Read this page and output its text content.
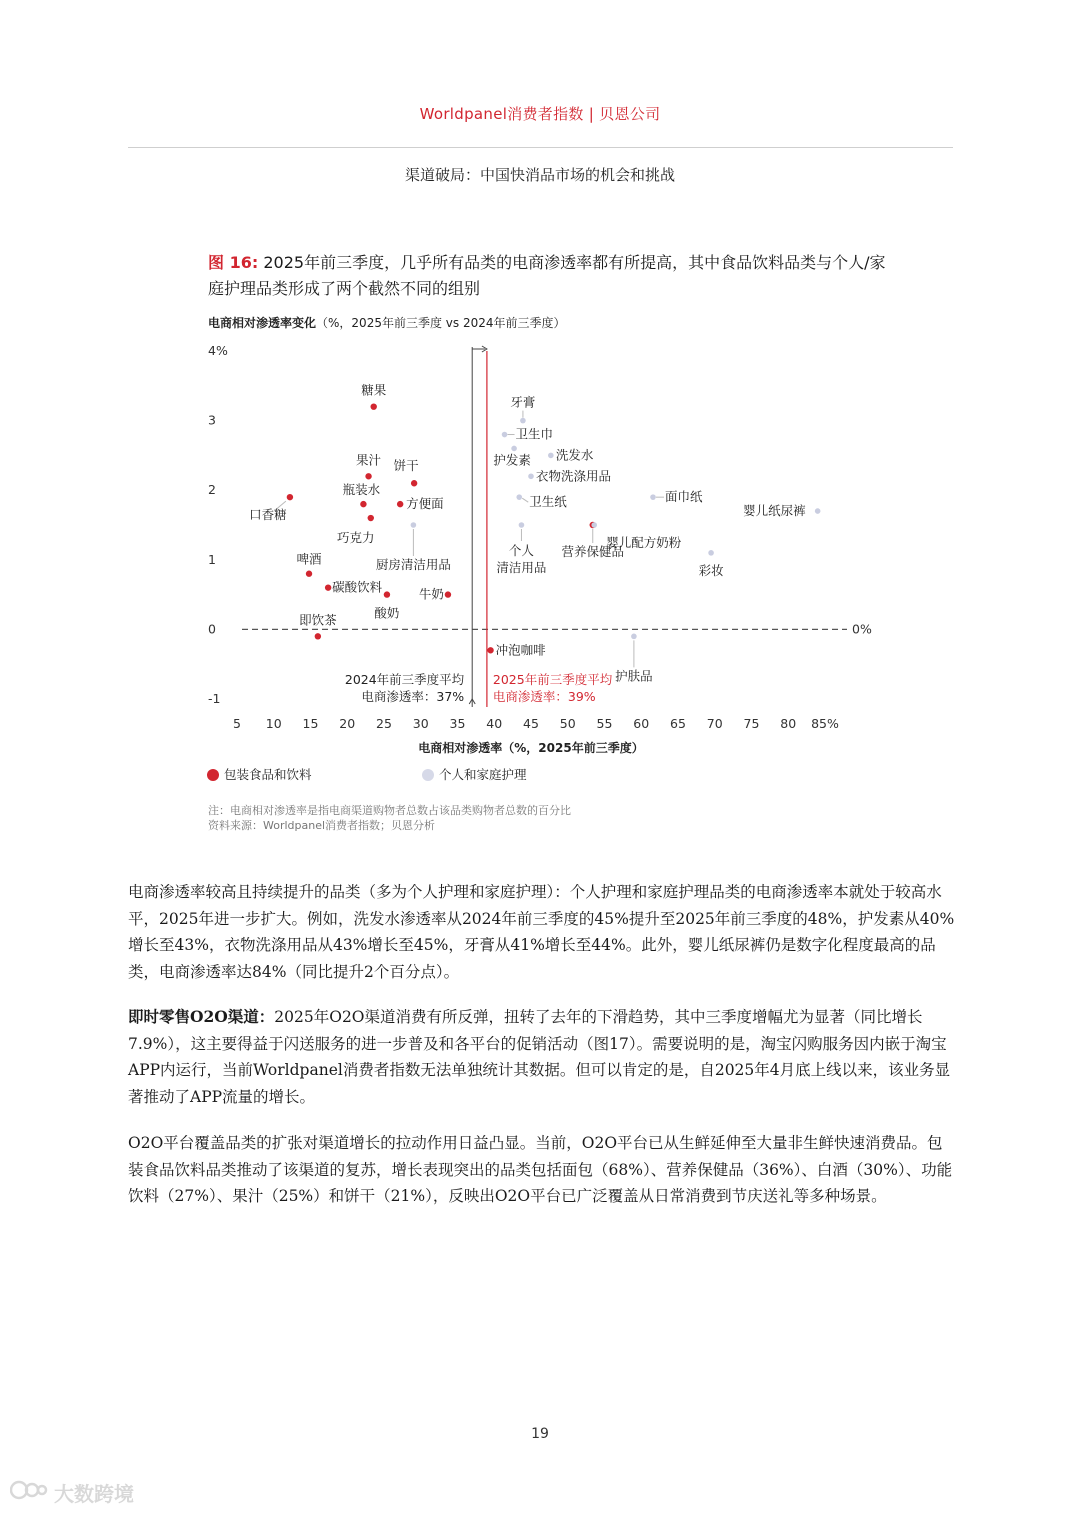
Worldpanel消费者指数 | 贝恩公司
渠道破局：中国快消品市场的机会和挑战
图 16: 2025年前三季度，几乎所有品类的电商渗透率都有所提高，其中食品饮料品类与个人/家庭护理品类形成了两个截然不同的组别
电商相对渗透率变化（%，2025年前三季度 vs 2024年前三季度）
4%
3
2
1
0
-1
5 10 15 20 25 30 35 40 45 50 55 60 65 70 75 80 85%
电商相对渗透率（%，2025年前三季度）
0%
2024年前三季度平均
电商渗透率：37%
2025年前三季度平均
电商渗透率：39%
糖果
口香糖
果汁
瓶装水
饼干
方便面
巧克力
啤酒
碳酸饮料	牛奶
酸奶
即饮茶
冲泡咖啡
营养保健品
牙膏
卫生巾
护发素 洗发水
衣物洗涤用品
面巾纸
卫生纸
婴儿纸尿裤
婴儿配方奶粉
个人
清洁用品
厨房清洁用品	彩妆
护肤品
包装食品和饮料	个人和家庭护理
注：电商相对渗透率是指电商渠道购物者总数占该品类购物者总数的百分比
资料来源：Worldpanel消费者指数；贝恩分析

电商渗透率较高且持续提升的品类（多为个人护理和家庭护理）：个人护理和家庭护理品类的电商渗透率本就处于较高水平，2025年进一步扩大。例如，洗发水渗透率从2024年前三季度的45%提升至2025年前三季度的48%，护发素从40%增长至43%，衣物洗涤用品从43%增长至45%，牙膏从41%增长至44%。此外，婴儿纸尿裤仍是数字化程度最高的品类，电商渗透率达84%（同比提升2个百分点）。

即时零售O2O渠道：2025年O2O渠道消费有所反弹，扭转了去年的下滑趋势，其中三季度增幅尤为显著（同比增长7.9%），这主要得益于闪送服务的进一步普及和各平台的促销活动（图17）。需要说明的是，淘宝闪购服务因内嵌于淘宝APP内运行，当前Worldpanel消费者指数无法单独统计其数据。但可以肯定的是，自2025年4月底上线以来，该业务显著推动了APP流量的增长。

O2O平台覆盖品类的扩张对渠道增长的拉动作用日益凸显。当前，O2O平台已从生鲜延伸至大量非生鲜快速消费品。包装食品饮料品类推动了该渠道的复苏，增长表现突出的品类包括面包（68%）、营养保健品（36%）、白酒（30%）、功能饮料（27%）、果汁（25%）和饼干（21%），反映出O2O平台已广泛覆盖从日常消费到节庆送礼等多种场景。

19
大数跨境
